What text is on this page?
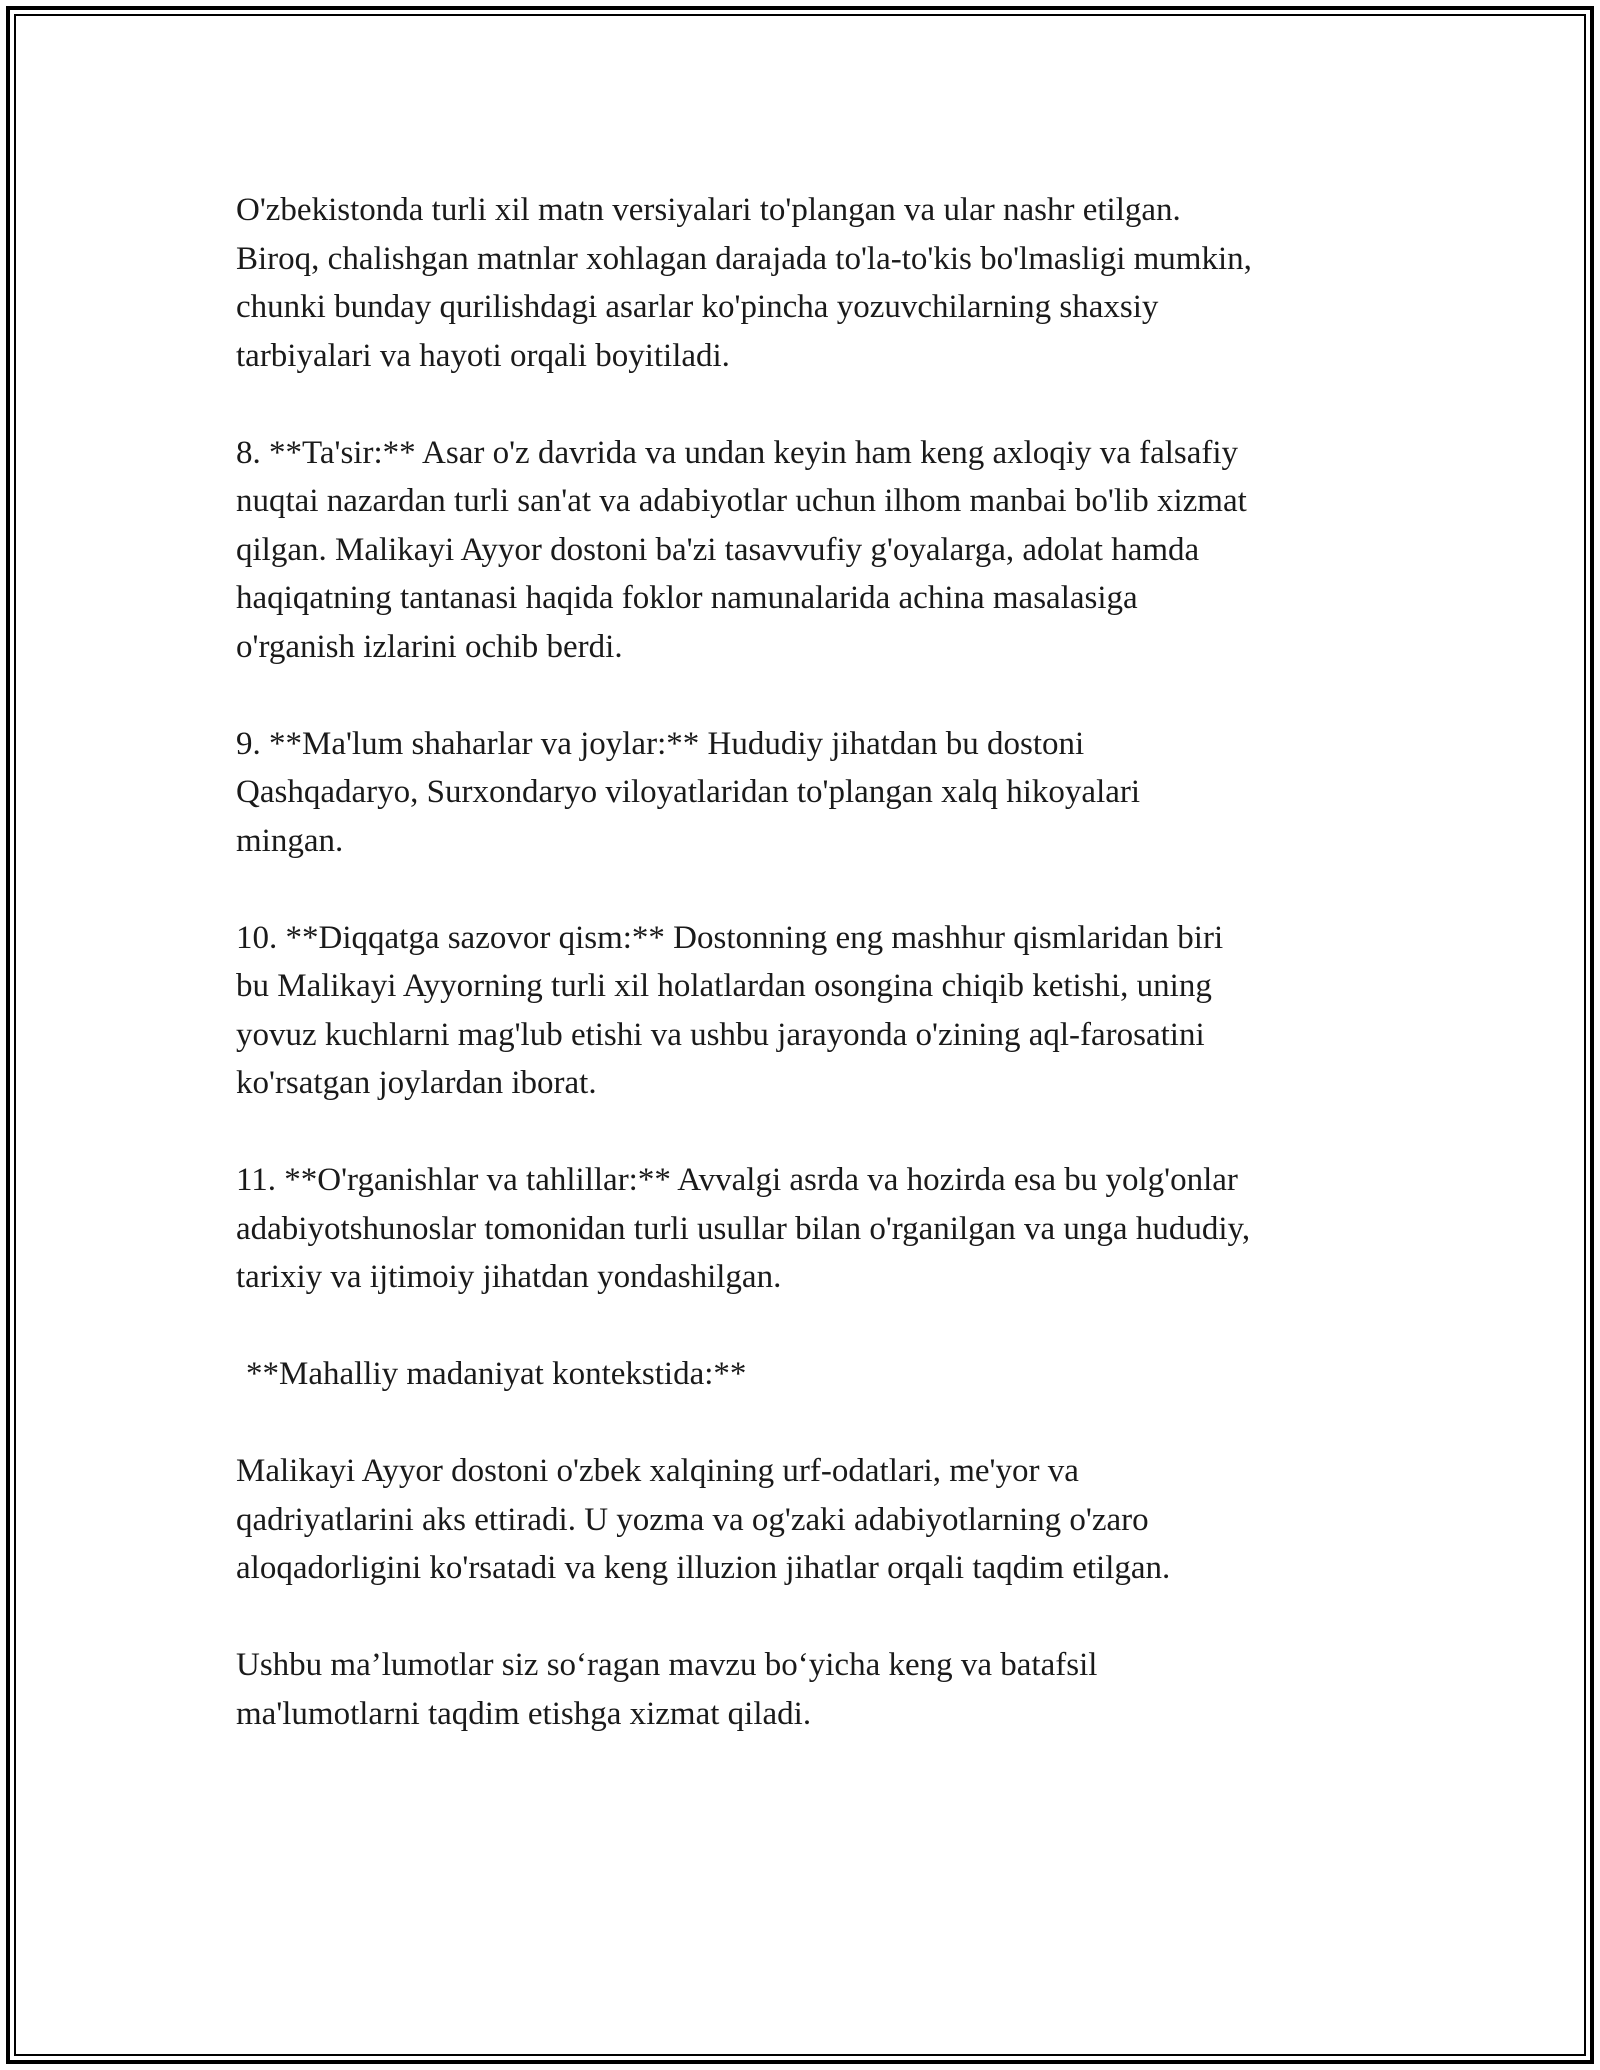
O'zbekistonda turli xil matn versiyalari to'plangan va ular nashr etilgan.
Biroq, chalishgan matnlar xohlagan darajada to'la-to'kis bo'lmasligi mumkin,
chunki bunday qurilishdagi asarlar ko'pincha yozuvchilarning shaxsiy
tarbiyalari va hayoti orqali boyitiladi.

8. **Ta'sir:** Asar o'z davrida va undan keyin ham keng axloqiy va falsafiy
nuqtai nazardan turli san'at va adabiyotlar uchun ilhom manbai bo'lib xizmat
qilgan. Malikayi Ayyor dostoni ba'zi tasavvufiy g'oyalarga, adolat hamda
haqiqatning tantanasi haqida foklor namunalarida achina masalasiga
o'rganish izlarini ochib berdi.

9. **Ma'lum shaharlar va joylar:** Hududiy jihatdan bu dostoni
Qashqadaryo, Surxondaryo viloyatlaridan to'plangan xalq hikoyalari
mingan.

10. **Diqqatga sazovor qism:** Dostonning eng mashhur qismlaridan biri
bu Malikayi Ayyorning turli xil holatlardan osongina chiqib ketishi, uning
yovuz kuchlarni mag'lub etishi va ushbu jarayonda o'zining aql-farosatini
ko'rsatgan joylardan iborat.

11. **O'rganishlar va tahlillar:** Avvalgi asrda va hozirda esa bu yolg'onlar
adabiyotshunoslar tomonidan turli usullar bilan o'rganilgan va unga hududiy,
tarixiy va ijtimoiy jihatdan yondashilgan.

**Mahalliy madaniyat kontekstida:**

Malikayi Ayyor dostoni o'zbek xalqining urf-odatlari, me'yor va
qadriyatlarini aks ettiradi. U yozma va og'zaki adabiyotlarning o'zaro
aloqadorligini ko'rsatadi va keng illuzion jihatlar orqali taqdim etilgan.

Ushbu ma’lumotlar siz so‘ragan mavzu bo‘yicha keng va batafsil
ma'lumotlarni taqdim etishga xizmat qiladi.
